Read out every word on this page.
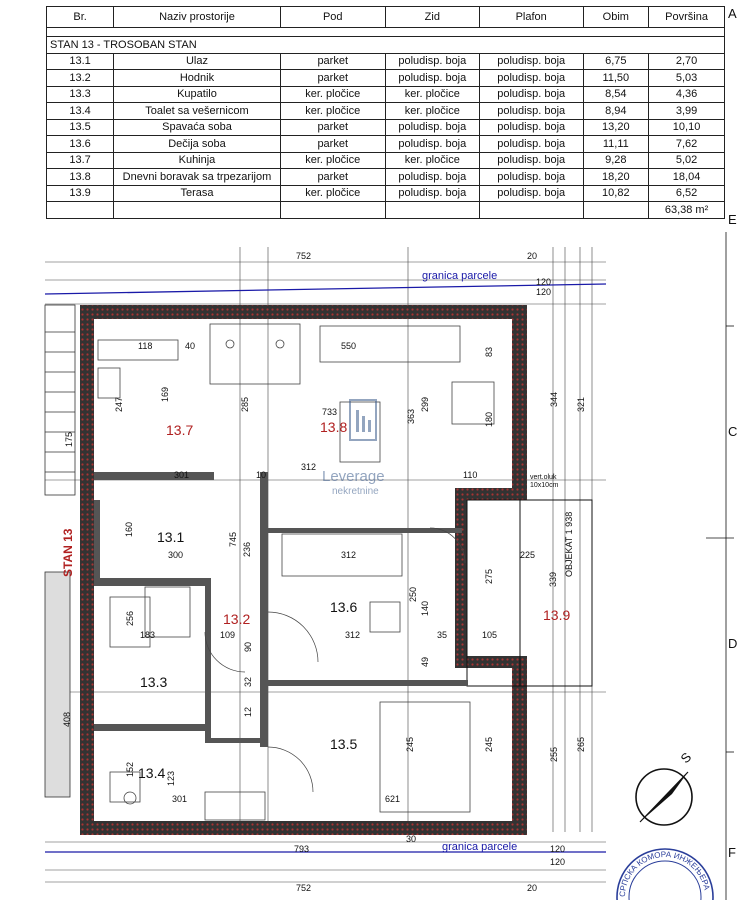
Br.	Naziv prostorije	Pod	Zid	Plafon	Obim	Površina

STAN 13 - TROSOBAN STAN						
13.1	Ulaz	parket	poludisp. boja	poludisp. boja	6,75	2,70
13.2	Hodnik	parket	poludisp. boja	poludisp. boja	11,50	5,03
13.3	Kupatilo	ker. pločice	ker. pločice	poludisp. boja	8,54	4,36
13.4	Toalet sa vešernicom	ker. pločice	ker. pločice	poludisp. boja	8,94	3,99
13.5	Spavaća soba	parket	poludisp. boja	poludisp. boja	13,20	10,10
13.6	Dečija soba	parket	poludisp. boja	poludisp. boja	11,11	7,62
13.7	Kuhinja	ker. pločice	ker. pločice	poludisp. boja	9,28	5,02
13.8	Dnevni boravak sa trpezarijom	parket	poludisp. boja	poludisp. boja	18,20	18,04
13.9	Terasa	ker. pločice	poludisp. boja	poludisp. boja	10,82	6,52
						63,38 m²
granica parcele
granica parcele
Leverage
nekretnine
13.7	13.8
13.2	13.9
13.1
13.6
13.3
13.5
13.4
STAN 13
vert.oluk
10x10cm
OBJEKAT 1 938
752	20
120
120
550
40
118
733
312
301	110
10
300	312	225
312
183	109	105
35
621
301
793
30
120
120
752	20
285
363
299	344 321
83
180
169
247
175
745
236
160
250
339
275
140
256
49
90
32
12
123
245	245
255
265
408
152
S
СРПСКА КОМОРА ИНЖЕЊЕРА
A
E
C
D
F
